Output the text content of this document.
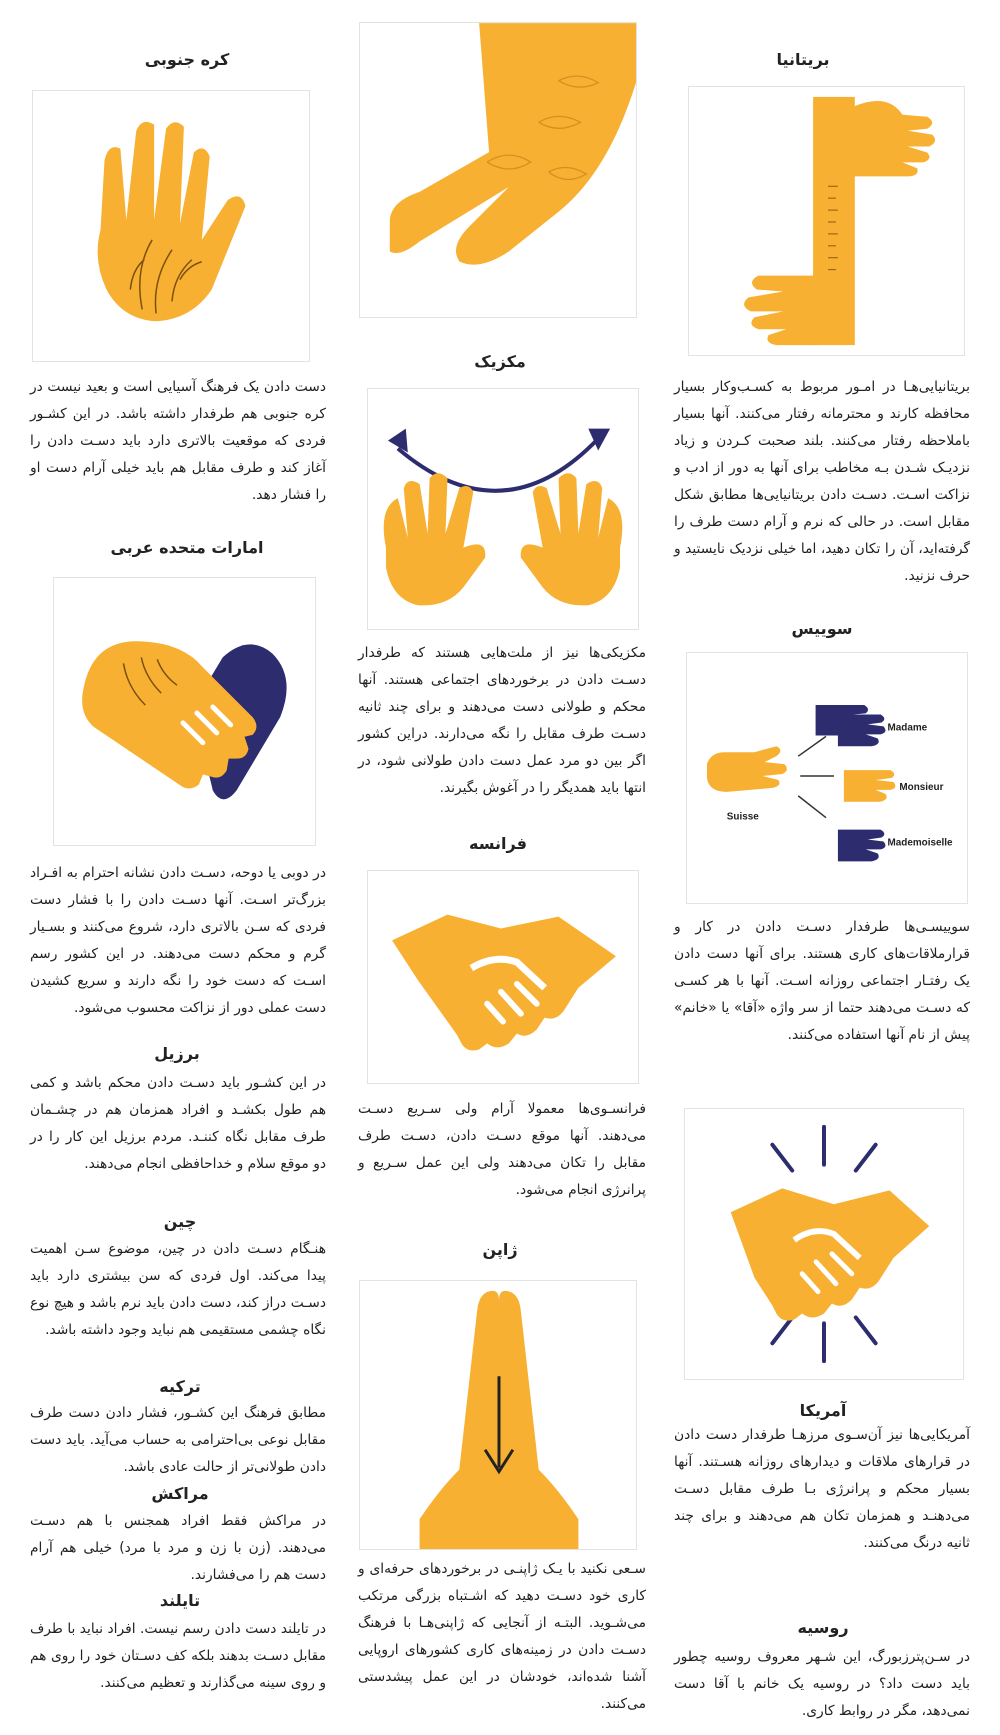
بریتانیا
بریتانیایی‌هـا در امـور مربوط به کسـب‌وکار بسیار محافظه کارند و محترمانه رفتار می‌کنند. آنها بسیار باملاحظه رفتار می‌کنند. بلند صحبت کـردن و زیاد نزدیـک شـدن بـه مخاطب برای آنها به دور از ادب و نزاکت اسـت. دسـت دادن بریتانیایی‌ها مطابق شکل مقابل است. در حالی که نرم و آرام دست طرف را گرفته‌اید، آن را تکان دهید، اما خیلی نزدیک نایستید و حرف نزنید.
سوییس
Madame
Monsieur
Mademoiselle
Suisse
سوییسـی‌ها طرفدار دسـت دادن در کار و قرارملاقات‌های کاری هستند. برای آنها دست دادن یک رفتـار اجتماعی روزانه اسـت. آنها با هر کسـی که دسـت می‌دهند حتما از سر واژه «آقا» یا «خانم» پیش از نام آنها استفاده می‌کنند.
آمریکا
آمریکایی‌ها نیز آن‌سـوی مرزهـا طرفدار دست دادن در قرارهای ملاقات و دیدارهای روزانه هسـتند. آنها بسیار محکم و پرانرژی بـا طرف مقابل دسـت می‌دهنـد و همزمان تکان هم می‌دهند و برای چند ثانیه درنگ می‌کنند.
روسیه
در سـن‌پترزبورگ، این شـهر معروف روسیه چطور باید دست داد؟ در روسیه یک خانم با آقا دست نمی‌دهد، مگر در روابط کاری.
مکزیک
مکزیکی‌ها نیز از ملت‌هایی هستند که طرفدار دسـت دادن در برخوردهای اجتماعی هستند. آنها محکم و طولانی دست می‌دهند و برای چند ثانیه دسـت طرف مقابل را نگه می‌دارند. دراین کشور اگر بین دو مرد عمل دست دادن طولانی شود، در انتها باید همدیگر را در آغوش بگیرند.
فرانسه
فرانسـوی‌ها معمولا آرام ولی سـریع دسـت می‌دهند. آنها موقع دسـت دادن، دسـت طرف مقابل را تکان می‌دهند ولی این عمل سـریع و پرانرژی انجام می‌شود.
ژاپن
سـعی نکنید با یـک ژاپنـی در برخوردهای حرفه‌ای و کاری خود دسـت دهید که اشـتباه بزرگی مرتکب می‌شـوید. البتـه از آنجایی که ژاپنی‌هـا با فرهنگ دسـت دادن در زمینه‌های کاری کشورهای اروپایی آشنا شده‌اند، خودشان در این عمل پیشدستی می‌کنند.
کره جنوبی
دست دادن یک فرهنگ آسیایی است و بعید نیست در کره جنوبی هم طرفدار داشته باشد. در این کشـور فردی که موقعیت بالاتری دارد باید دسـت دادن را آغاز کند و طرف مقابل هم باید خیلی آرام دست او را فشار دهد.
امارات متحده عربی
در دوبی یا دوحه، دسـت دادن نشانه احترام به افـراد بزرگ‌تر اسـت. آنها دسـت دادن را با فشار دست فردی که سـن بالاتری دارد، شروع می‌کنند و بسـیار گرم و محکم دست می‌دهند. در این کشور رسم اسـت که دست خود را نگه دارند و سریع کشیدن دست عملی دور از نزاکت محسوب می‌شود.
برزیل
در این کشـور باید دسـت دادن محکم باشد و کمی هم طول بکشـد و افراد همزمان هم در چشـمان طرف مقابل نگاه کننـد. مردم برزیل این کار را در دو موقع سلام و خداحافظی انجام می‌دهند.
چین
هنـگام دسـت دادن در چین، موضوع سـن اهمیت پیدا می‌کند. اول فردی که سن بیشتری دارد باید دسـت دراز کند، دست دادن باید نرم باشد و هیچ نوع نگاه چشمی مستقیمی هم نباید وجود داشته باشد.
ترکیه
مطابق فرهنگ این کشـور، فشار دادن دست طرف مقابل نوعی بی‌احترامی به حساب می‌آید. باید دست دادن طولانی‌تر از حالت عادی باشد.
مراکش
در مراکش فقط افراد همجنس با هم دسـت می‌دهند. (زن با زن و مرد با مرد) خیلی هم آرام دست هم را می‌فشارند.
تایلند
در تایلند دست دادن رسم نیست. افراد نباید با طرف مقابل دسـت بدهند بلکه کف دسـتان خود را روی هم و روی سینه می‌گذارند و تعظیم می‌کنند.
